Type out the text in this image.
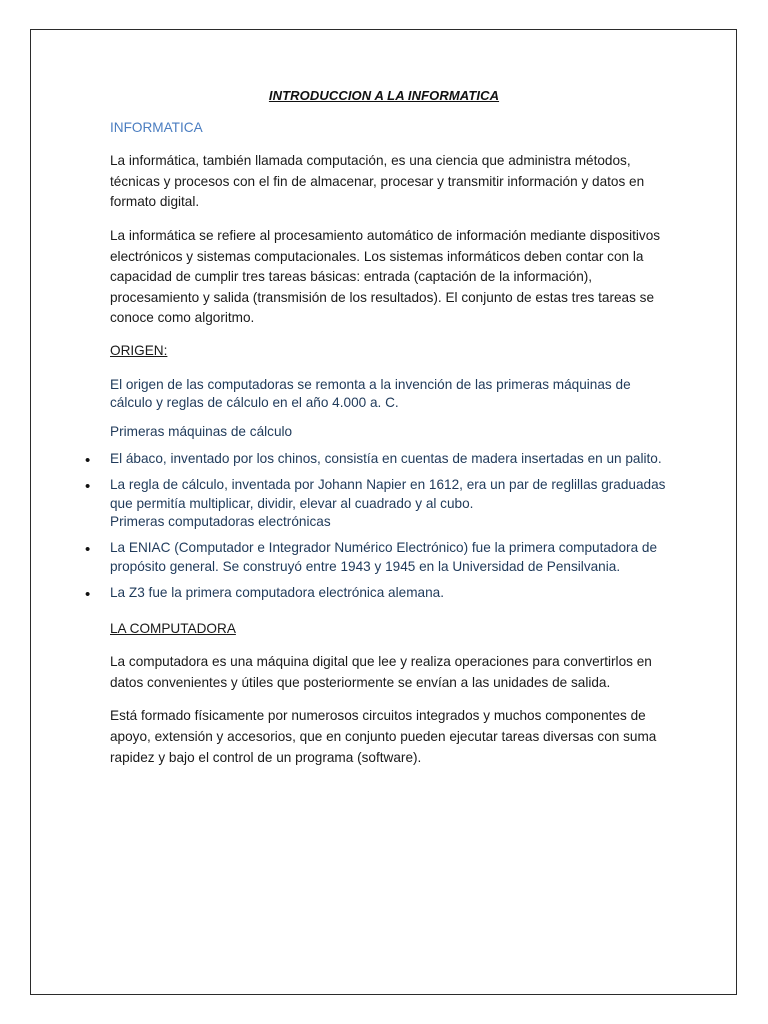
INTRODUCCION A LA INFORMATICA

INFORMATICA

La informática, también llamada computación, es una ciencia que administra métodos, técnicas y procesos con el fin de almacenar, procesar y transmitir información y datos en formato digital.

La informática se refiere al procesamiento automático de información mediante dispositivos electrónicos y sistemas computacionales. Los sistemas informáticos deben contar con la capacidad de cumplir tres tareas básicas: entrada (captación de la información), procesamiento y salida (transmisión de los resultados). El conjunto de estas tres tareas se conoce como algoritmo.

ORIGEN:

El origen de las computadoras se remonta a la invención de las primeras máquinas de cálculo y reglas de cálculo en el año 4.000 a. C.

Primeras máquinas de cálculo

• El ábaco, inventado por los chinos, consistía en cuentas de madera insertadas en un palito.
• La regla de cálculo, inventada por Johann Napier en 1612, era un par de reglillas graduadas que permitía multiplicar, dividir, elevar al cuadrado y al cubo.
Primeras computadoras electrónicas
• La ENIAC (Computador e Integrador Numérico Electrónico) fue la primera computadora de propósito general. Se construyó entre 1943 y 1945 en la Universidad de Pensilvania.
• La Z3 fue la primera computadora electrónica alemana.

LA COMPUTADORA

La computadora es una máquina digital que lee y realiza operaciones para convertirlos en datos convenientes y útiles que posteriormente se envían a las unidades de salida.

Está formado físicamente por numerosos circuitos integrados y muchos componentes de apoyo, extensión y accesorios, que en conjunto pueden ejecutar tareas diversas con suma rapidez y bajo el control de un programa (software).
